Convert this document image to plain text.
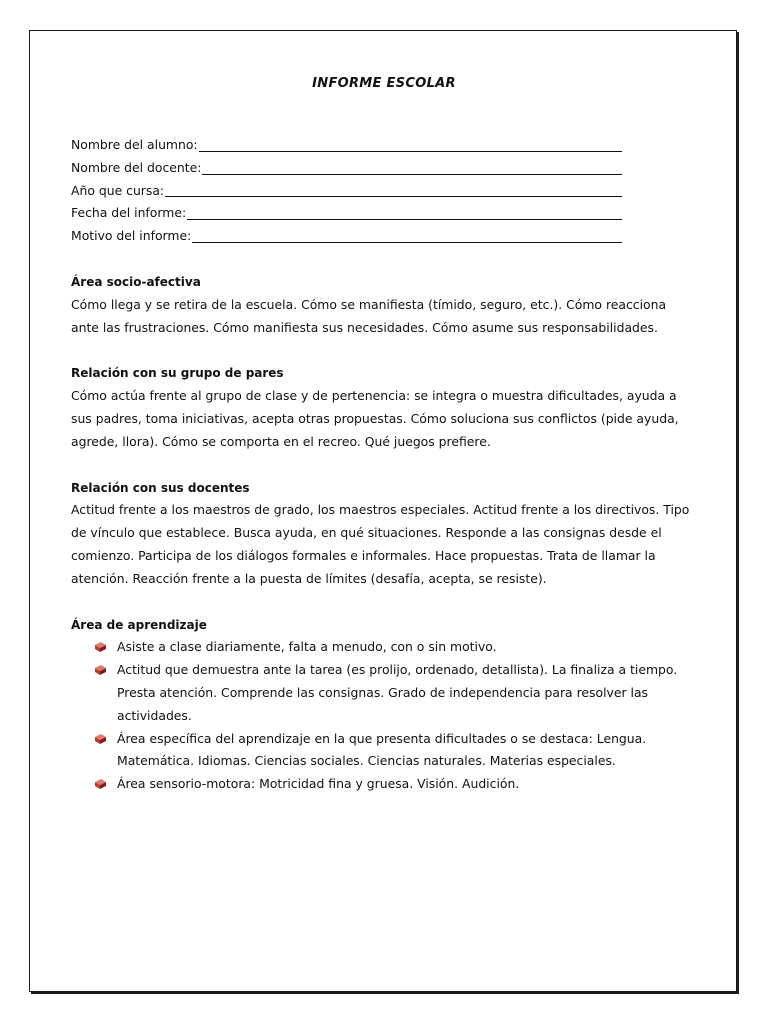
INFORME ESCOLAR
Nombre del alumno:
Nombre del docente:
Año que cursa:
Fecha del informe:
Motivo del informe:
Área socio-afectiva

Cómo llega y se retira de la escuela. Cómo se manifiesta (tímido, seguro, etc.). Cómo reacciona ante las frustraciones. Cómo manifiesta sus necesidades. Cómo asume sus responsabilidades.

Relación con su grupo de pares

Cómo actúa frente al grupo de clase y de pertenencia: se integra o muestra dificultades, ayuda a sus padres, toma iniciativas, acepta otras propuestas. Cómo soluciona sus conflictos (pide ayuda, agrede, llora). Cómo se comporta en el recreo. Qué juegos prefiere.

Relación con sus docentes

Actitud frente a los maestros de grado, los maestros especiales. Actitud frente a los directivos. Tipo de vínculo que establece. Busca ayuda, en qué situaciones. Responde a las consignas desde el comienzo. Participa de los diálogos formales e informales. Hace propuestas. Trata de llamar la atención. Reacción frente a la puesta de límites (desafía, acepta, se resiste).

Área de aprendizaje
Asiste a clase diariamente, falta a menudo, con o sin motivo.
Actitud que demuestra ante la tarea (es prolijo, ordenado, detallista). La finaliza a tiempo. Presta atención. Comprende las consignas. Grado de independencia para resolver las actividades.
Área específica del aprendizaje en la que presenta dificultades o se destaca: Lengua. Matemática. Idiomas. Ciencias sociales. Ciencias naturales. Materias especiales.
Área sensorio-motora: Motricidad fina y gruesa. Visión. Audición.
